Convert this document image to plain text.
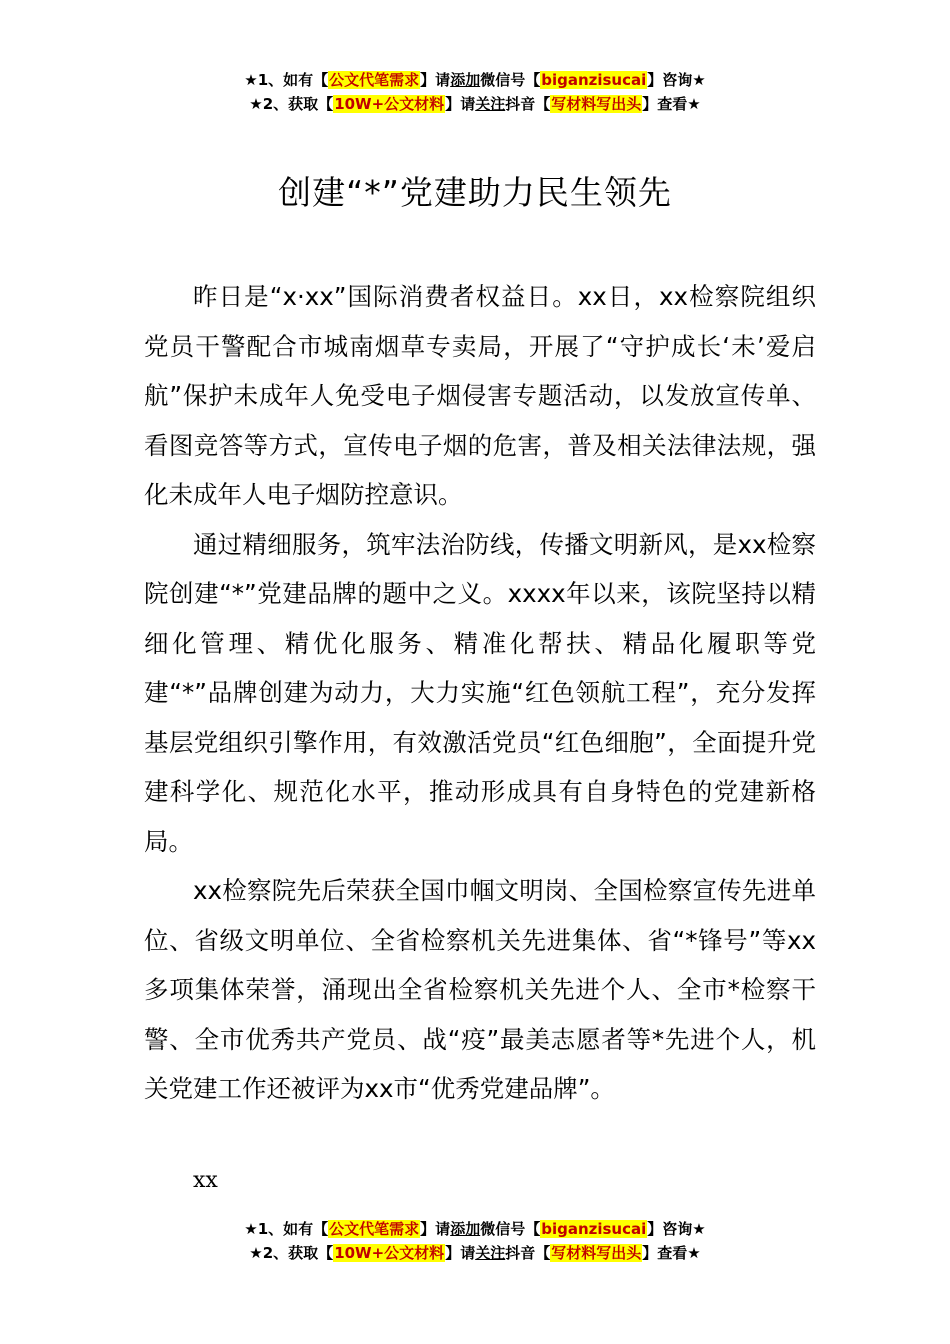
★1、如有【公文代笔需求】请添加微信号【biganzisucai】咨询★
★2、获取【10W+公文材料】请关注抖音【写材料写出头】查看★
创建“*”党建助力民生领先

昨日是“x·xx”国际消费者权益日。xx日，xx检察院组织党员干警配合市城南烟草专卖局，开展了“守护成长‘未’爱启航”保护未成年人免受电子烟侵害专题活动，以发放宣传单、看图竞答等方式，宣传电子烟的危害，普及相关法律法规，强化未成年人电子烟防控意识。

通过精细服务，筑牢法治防线，传播文明新风，是xx检察院创建“*”党建品牌的题中之义。xxxx年以来，该院坚持以精细化管理、精优化服务、精准化帮扶、精品化履职等党建“*”品牌创建为动力，大力实施“红色领航工程”，充分发挥基层党组织引擎作用，有效激活党员“红色细胞”，全面提升党建科学化、规范化水平，推动形成具有自身特色的党建新格局。

xx检察院先后荣获全国巾帼文明岗、全国检察宣传先进单位、省级文明单位、全省检察机关先进集体、省“*锋号”等xx多项集体荣誉，涌现出全省检察机关先进个人、全市*检察干警、全市优秀共产党员、战“疫”最美志愿者等*先进个人，机关党建工作还被评为xx市“优秀党建品牌”。

xx
★1、如有【公文代笔需求】请添加微信号【biganzisucai】咨询★
★2、获取【10W+公文材料】请关注抖音【写材料写出头】查看★
